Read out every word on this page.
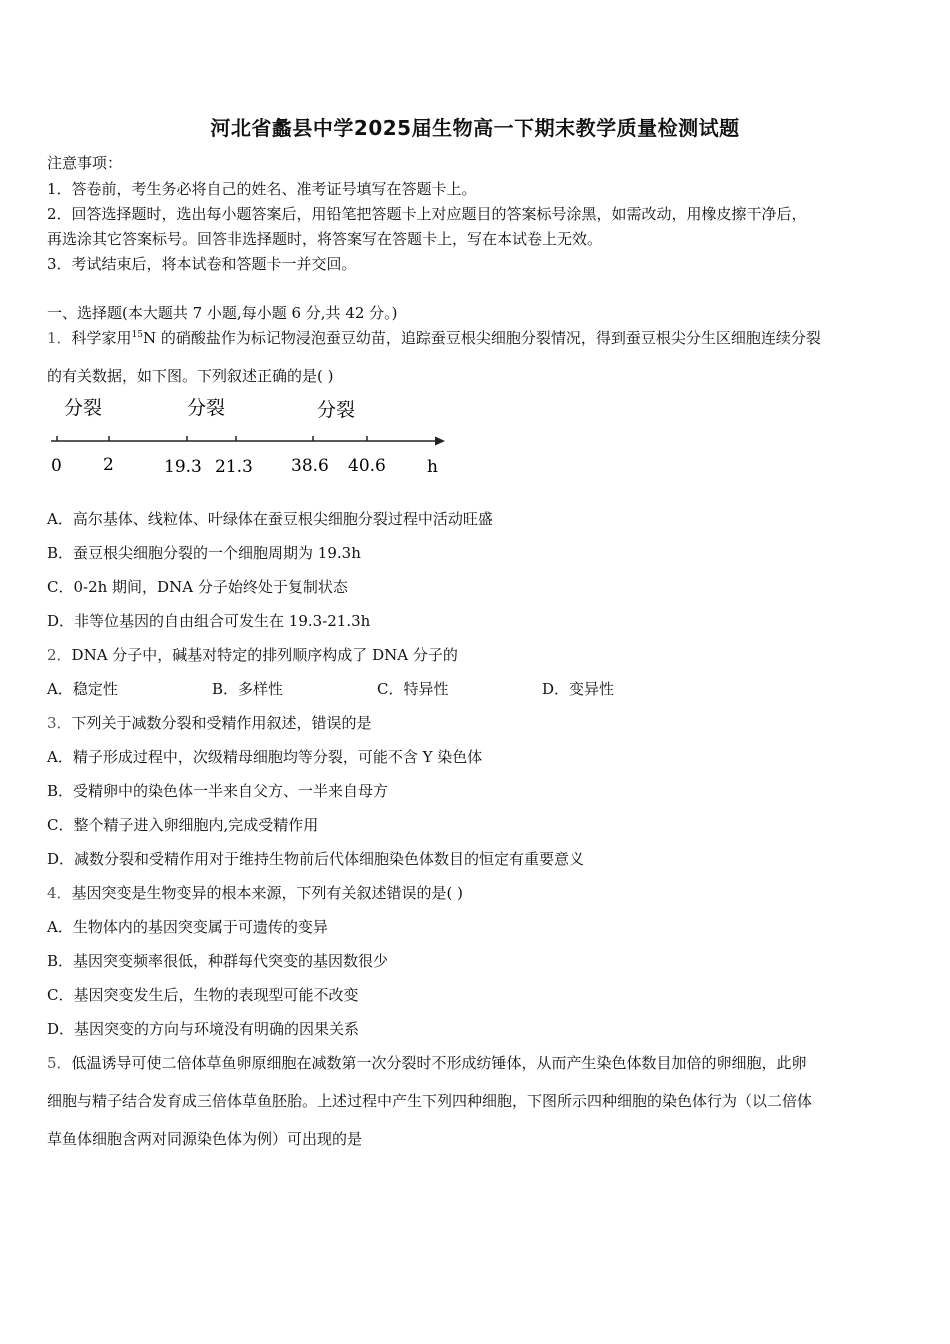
河北省蠡县中学2025届生物高一下期末教学质量检测试题
注意事项：
1．答卷前，考生务必将自己的姓名、准考证号填写在答题卡上。
2．回答选择题时，选出每小题答案后，用铅笔把答题卡上对应题目的答案标号涂黑，如需改动，用橡皮擦干净后，
再选涂其它答案标号。回答非选择题时，将答案写在答题卡上，写在本试卷上无效。
3．考试结束后，将本试卷和答题卡一并交回。
一、选择题(本大题共 7 小题,每小题 6 分,共 42 分。)
1．科学家用$^{15}$N 的硝酸盐作为标记物浸泡蚕豆幼苗，追踪蚕豆根尖细胞分裂情况，得到蚕豆根尖分生区细胞连续分裂
的有关数据，如下图。下列叙述正确的是( )
分裂	分裂	分裂
0 2	19.3 21.3 38.6 40.6 h
A．高尔基体、线粒体、叶绿体在蚕豆根尖细胞分裂过程中活动旺盛
B．蚕豆根尖细胞分裂的一个细胞周期为 19.3h
C．0-2h 期间，DNA 分子始终处于复制状态
D．非等位基因的自由组合可发生在 19.3-21.3h
2．DNA 分子中，碱基对特定的排列顺序构成了 DNA 分子的
A．稳定性	B．多样性	C．特异性	D．变异性
3．下列关于减数分裂和受精作用叙述，错误的是
A．精子形成过程中，次级精母细胞均等分裂，可能不含 Y 染色体
B．受精卵中的染色体一半来自父方、一半来自母方
C．整个精子进入卵细胞内,完成受精作用
D．减数分裂和受精作用对于维持生物前后代体细胞染色体数目的恒定有重要意义
4．基因突变是生物变异的根本来源，下列有关叙述错误的是( )
A．生物体内的基因突变属于可遗传的变异
B．基因突变频率很低，种群每代突变的基因数很少
C．基因突变发生后，生物的表现型可能不改变
D．基因突变的方向与环境没有明确的因果关系
5．低温诱导可使二倍体草鱼卵原细胞在减数第一次分裂时不形成纺锤体，从而产生染色体数目加倍的卵细胞，此卵
细胞与精子结合发育成三倍体草鱼胚胎。上述过程中产生下列四种细胞，下图所示四种细胞的染色体行为（以二倍体
草鱼体细胞含两对同源染色体为例）可出现的是
